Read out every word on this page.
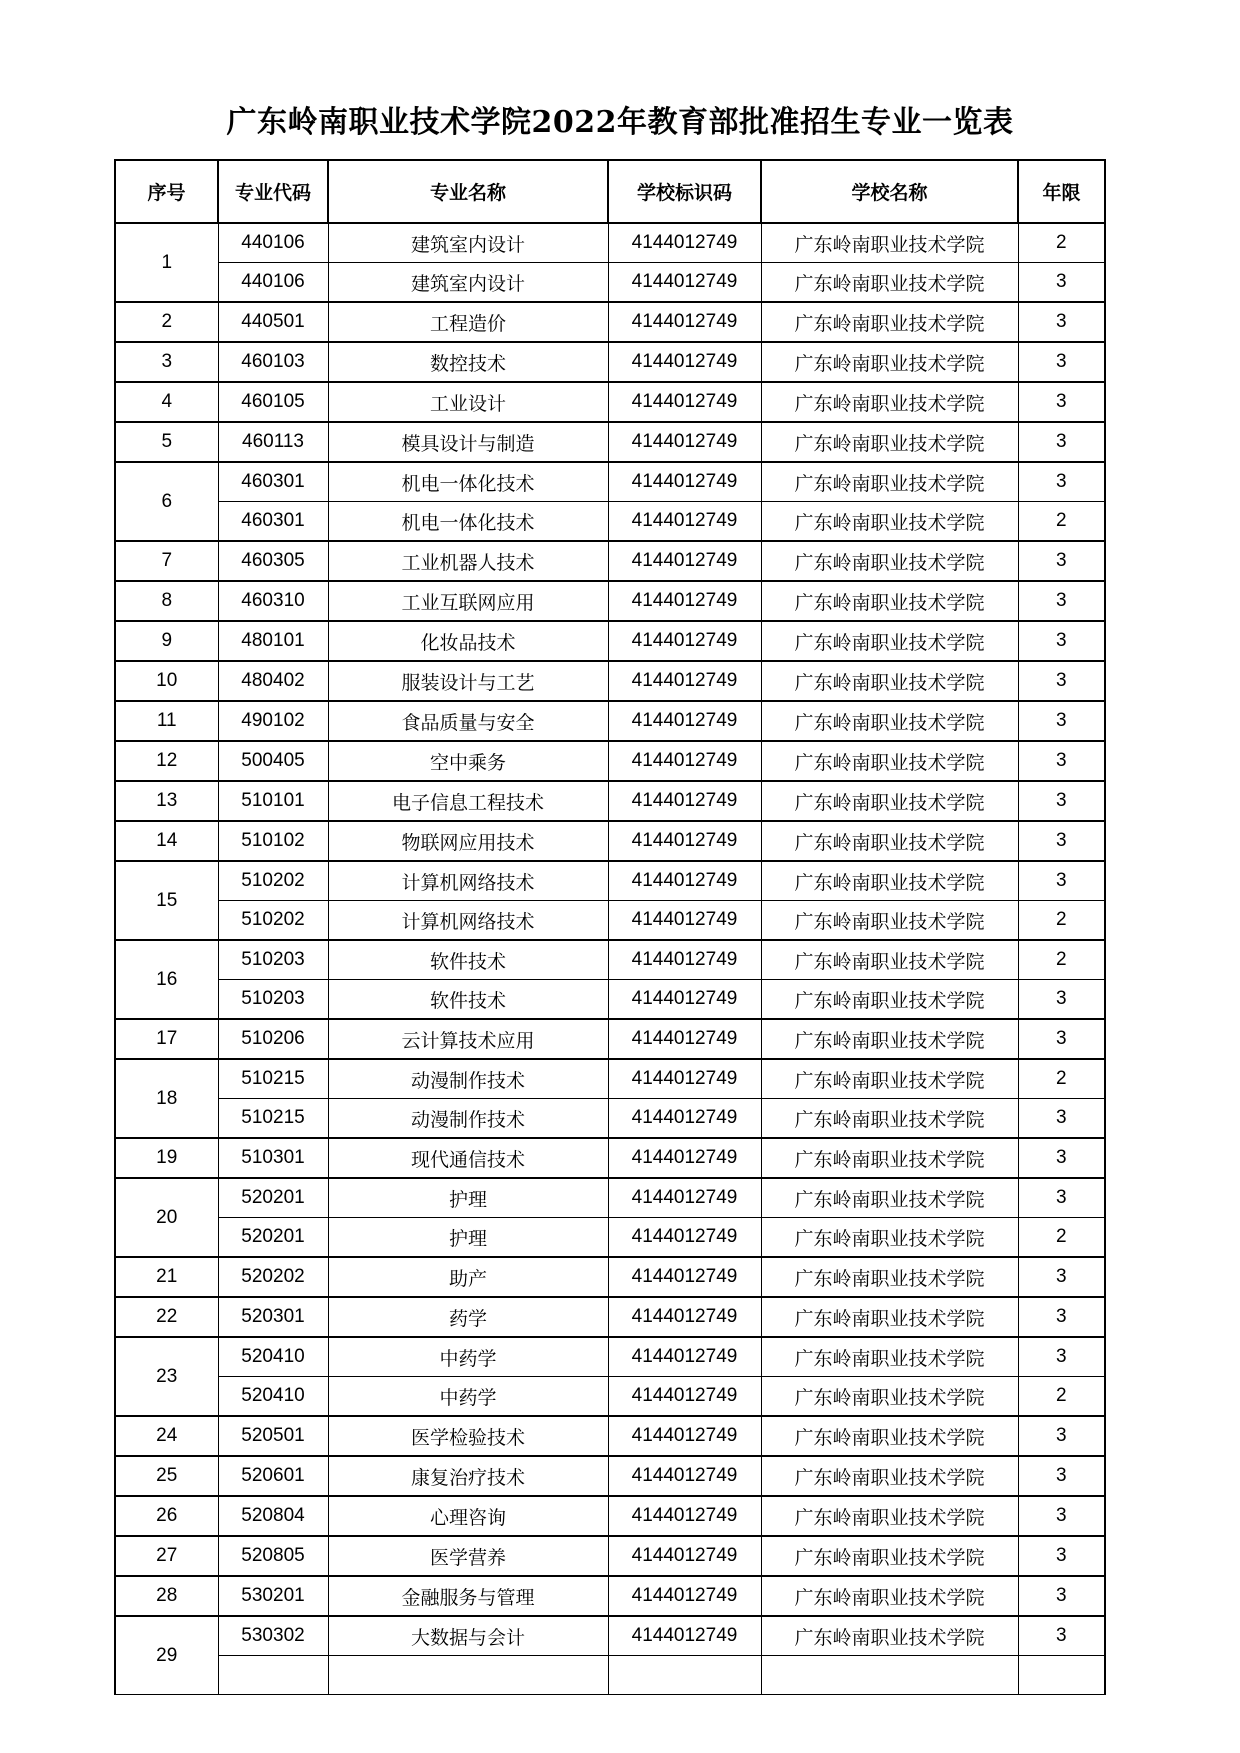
广东岭南职业技术学院2022年教育部批准招生专业一览表
序号	专业代码	专业名称	学校标识码	学校名称	年限
1	440106	建筑室内设计	4144012749	广东岭南职业技术学院	2
	440106	建筑室内设计	4144012749	广东岭南职业技术学院	3
2	440501	工程造价	4144012749	广东岭南职业技术学院	3
3	460103	数控技术	4144012749	广东岭南职业技术学院	3
4	460105	工业设计	4144012749	广东岭南职业技术学院	3
5	460113	模具设计与制造	4144012749	广东岭南职业技术学院	3
6	460301	机电一体化技术	4144012749	广东岭南职业技术学院	3
	460301	机电一体化技术	4144012749	广东岭南职业技术学院	2
7	460305	工业机器人技术	4144012749	广东岭南职业技术学院	3
8	460310	工业互联网应用	4144012749	广东岭南职业技术学院	3
9	480101	化妆品技术	4144012749	广东岭南职业技术学院	3
10	480402	服装设计与工艺	4144012749	广东岭南职业技术学院	3
11	490102	食品质量与安全	4144012749	广东岭南职业技术学院	3
12	500405	空中乘务	4144012749	广东岭南职业技术学院	3
13	510101	电子信息工程技术	4144012749	广东岭南职业技术学院	3
14	510102	物联网应用技术	4144012749	广东岭南职业技术学院	3
15	510202	计算机网络技术	4144012749	广东岭南职业技术学院	3
	510202	计算机网络技术	4144012749	广东岭南职业技术学院	2
16	510203	软件技术	4144012749	广东岭南职业技术学院	2
	510203	软件技术	4144012749	广东岭南职业技术学院	3
17	510206	云计算技术应用	4144012749	广东岭南职业技术学院	3
18	510215	动漫制作技术	4144012749	广东岭南职业技术学院	2
	510215	动漫制作技术	4144012749	广东岭南职业技术学院	3
19	510301	现代通信技术	4144012749	广东岭南职业技术学院	3
20	520201	护理	4144012749	广东岭南职业技术学院	3
	520201	护理	4144012749	广东岭南职业技术学院	2
21	520202	助产	4144012749	广东岭南职业技术学院	3
22	520301	药学	4144012749	广东岭南职业技术学院	3
23	520410	中药学	4144012749	广东岭南职业技术学院	3
	520410	中药学	4144012749	广东岭南职业技术学院	2
24	520501	医学检验技术	4144012749	广东岭南职业技术学院	3
25	520601	康复治疗技术	4144012749	广东岭南职业技术学院	3
26	520804	心理咨询	4144012749	广东岭南职业技术学院	3
27	520805	医学营养	4144012749	广东岭南职业技术学院	3
28	530201	金融服务与管理	4144012749	广东岭南职业技术学院	3
29	530302	大数据与会计	4144012749	广东岭南职业技术学院	3
